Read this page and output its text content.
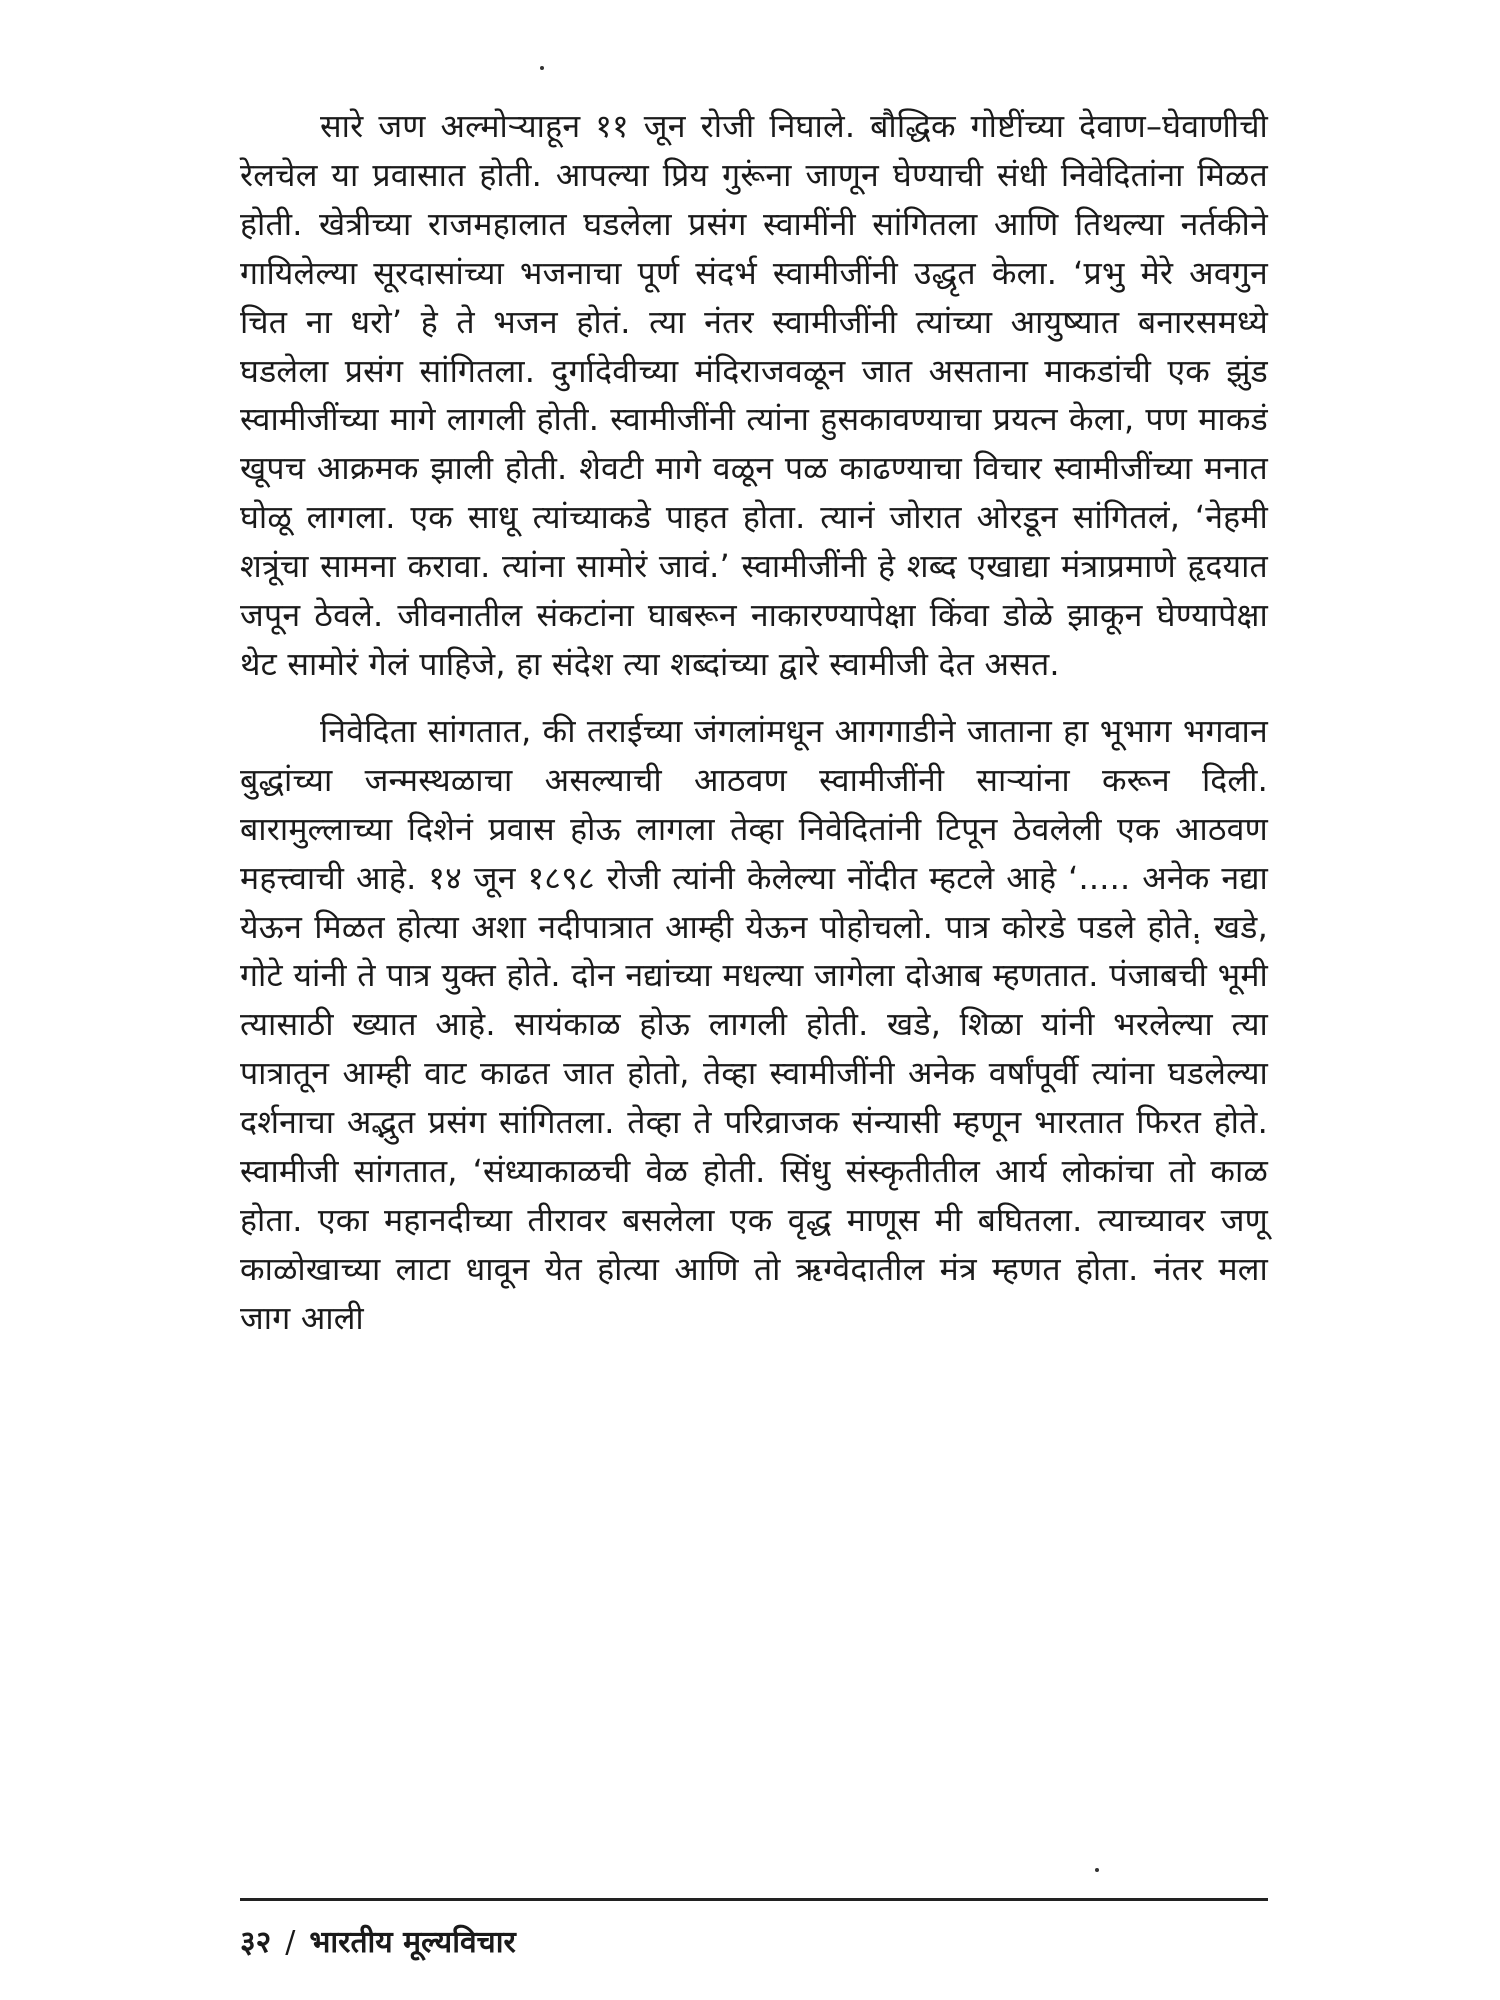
सारे जण अल्मोऱ्याहून ११ जून रोजी निघाले. बौद्धिक गोष्टींच्या देवाण–घेवाणीची रेलचेल या प्रवासात होती. आपल्या प्रिय गुरूंना जाणून घेण्याची संधी निवेदितांना मिळत होती. खेत्रीच्या राजमहालात घडलेला प्रसंग स्वामींनी सांगितला आणि तिथल्या नर्तकीने गायिलेल्या सूरदासांच्या भजनाचा पूर्ण संदर्भ स्वामीजींनी उद्धृत केला. ‘प्रभु मेरे अवगुन चित ना धरो’ हे ते भजन होतं. त्या नंतर स्वामीजींनी त्यांच्या आयुष्यात बनारसमध्ये घडलेला प्रसंग सांगितला. दुर्गादेवीच्या मंदिराजवळून जात असताना माकडांची एक झुंड स्वामीजींच्या मागे लागली होती. स्वामीजींनी त्यांना हुसकावण्याचा प्रयत्न केला, पण माकडं खूपच आक्रमक झाली होती. शेवटी मागे वळून पळ काढण्याचा विचार स्वामीजींच्या मनात घोळू लागला. एक साधू त्यांच्याकडे पाहत होता. त्यानं जोरात ओरडून सांगितलं, ‘नेहमी शत्रूंचा सामना करावा. त्यांना सामोरं जावं.’ स्वामीजींनी हे शब्द एखाद्या मंत्राप्रमाणे हृदयात जपून ठेवले. जीवनातील संकटांना घाबरून नाकारण्यापेक्षा किंवा डोळे झाकून घेण्यापेक्षा थेट सामोरं गेलं पाहिजे, हा संदेश त्या शब्दांच्या द्वारे स्वामीजी देत असत.

निवेदिता सांगतात, की तराईच्या जंगलांमधून आगगाडीने जाताना हा भूभाग भगवान बुद्धांच्या जन्मस्थळाचा असल्याची आठवण स्वामीजींनी साऱ्यांना करून दिली. बारामुल्लाच्या दिशेनं प्रवास होऊ लागला तेव्हा निवेदितांनी टिपून ठेवलेली एक आठवण महत्त्वाची आहे. १४ जून १८९८ रोजी त्यांनी केलेल्या नोंदीत म्हटले आहे ‘..... अनेक नद्या येऊन मिळत होत्या अशा नदीपात्रात आम्ही येऊन पोहोचलो. पात्र कोरडे पडले होते. खडे, गोटे यांनी ते पात्र युक्त होते. दोन नद्यांच्या मधल्या जागेला दोआब म्हणतात. पंजाबची भूमी त्यासाठी ख्यात आहे. सायंकाळ होऊ लागली होती. खडे, शिळा यांनी भरलेल्या त्या पात्रातून आम्ही वाट काढत जात होतो, तेव्हा स्वामीजींनी अनेक वर्षांपूर्वी त्यांना घडलेल्या दर्शनाचा अद्भुत प्रसंग सांगितला. तेव्हा ते परिव्राजक संन्यासी म्हणून भारतात फिरत होते. स्वामीजी सांगतात, ‘संध्याकाळची वेळ होती. सिंधु संस्कृतीतील आर्य लोकांचा तो काळ होता. एका महानदीच्या तीरावर बसलेला एक वृद्ध माणूस मी बघितला. त्याच्यावर जणू काळोखाच्या लाटा धावून येत होत्या आणि तो ऋग्वेदातील मंत्र म्हणत होता. नंतर मला जाग आली

३२ / भारतीय मूल्यविचार
